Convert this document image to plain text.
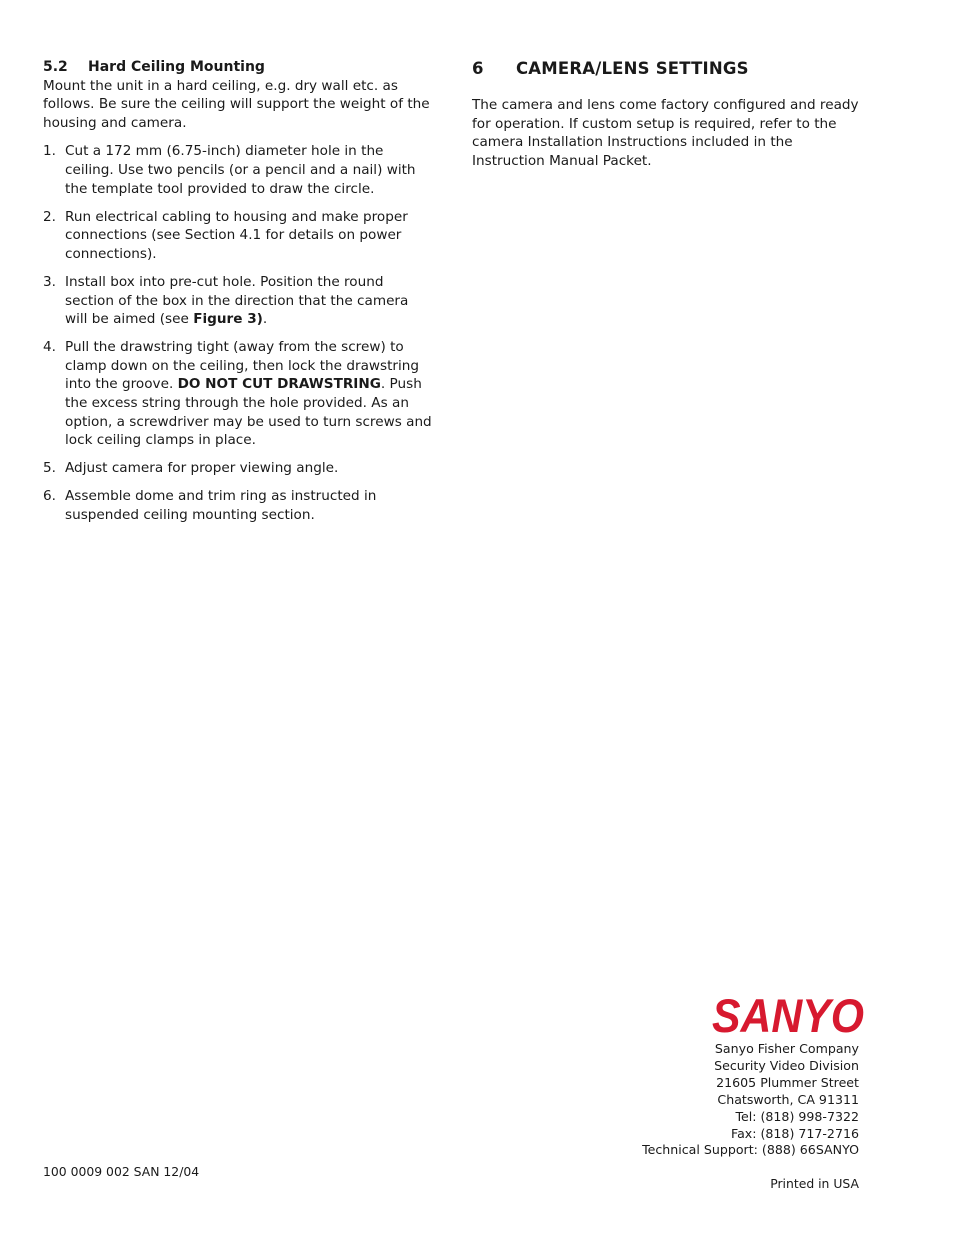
5.2	Hard Ceiling Mounting

Mount the unit in a hard ceiling, e.g. dry wall etc. as follows. Be sure the ceiling will support the weight of the housing and camera.

1. Cut a 172 mm (6.75-inch) diameter hole in the ceiling. Use two pencils (or a pencil and a nail) with the template tool provided to draw the circle.
2. Run electrical cabling to housing and make proper connections (see Section 4.1 for details on power connections).
3. Install box into pre-cut hole. Position the round section of the box in the direction that the camera will be aimed (see Figure 3).
4. Pull the drawstring tight (away from the screw) to clamp down on the ceiling, then lock the drawstring into the groove. DO NOT CUT DRAWSTRING. Push the excess string through the hole provided. As an option, a screwdriver may be used to turn screws and lock ceiling clamps in place.
5. Adjust camera for proper viewing angle.
6. Assemble dome and trim ring as instructed in suspended ceiling mounting section.
6	CAMERA/LENS SETTINGS

The camera and lens come factory configured and ready for operation. If custom setup is required, refer to the camera Installation Instructions included in the Instruction Manual Packet.

SANYO
Sanyo Fisher Company
Security Video Division
21605 Plummer Street
Chatsworth, CA 91311
Tel: (818) 998-7322
Fax: (818) 717-2716
Technical Support: (888) 66SANYO
100 0009 002 SAN 12/04
Printed in USA
